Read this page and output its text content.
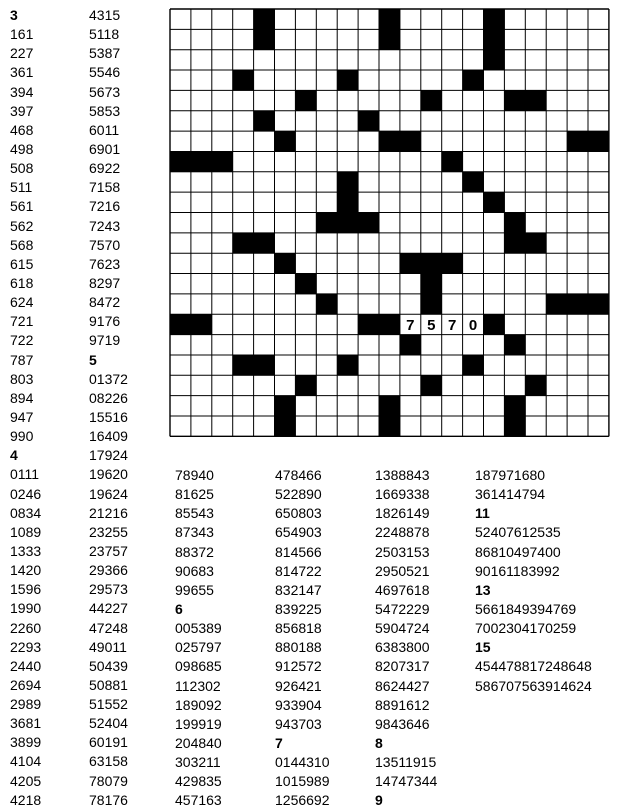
3
161
227
361
394
397
468
498
508
511
561
562
568
615
618
624
721
722
787
803
894
947
990
4
0111
0246
0834
1089
1333
1420
1596
1990
2260
2293
2440
2694
2989
3681
3899
4104
4205
4218
4315
5118
5387
5546
5673
5853
6011
6901
6922
7158
7216
7243
7570
7623
8297
8472
9176
9719
5
01372
08226
15516
16409
17924
19620
19624
21216
23255
23757
29366
29573
44227
47248
49011
50439
50881
51552
52404
60191
63158
78079
78176
7 5 7 0
78940
81625
85543
87343
88372
90683
99655
6
005389
025797
098685
112302
189092
199919
204840
303211
429835
457163
478466
522890
650803
654903
814566
814722
832147
839225
856818
880188
912572
926421
933904
943703
7
0144310
1015989
1256692
1388843
1669338
1826149
2248878
2503153
2950521
4697618
5472229
5904724
6383800
8207317
8624427
8891612
9843646
8
13511915
14747344
9
187971680
361414794
11
52407612535
86810497400
90161183992
13
5661849394769
7002304170259
15
454478817248648
586707563914624
